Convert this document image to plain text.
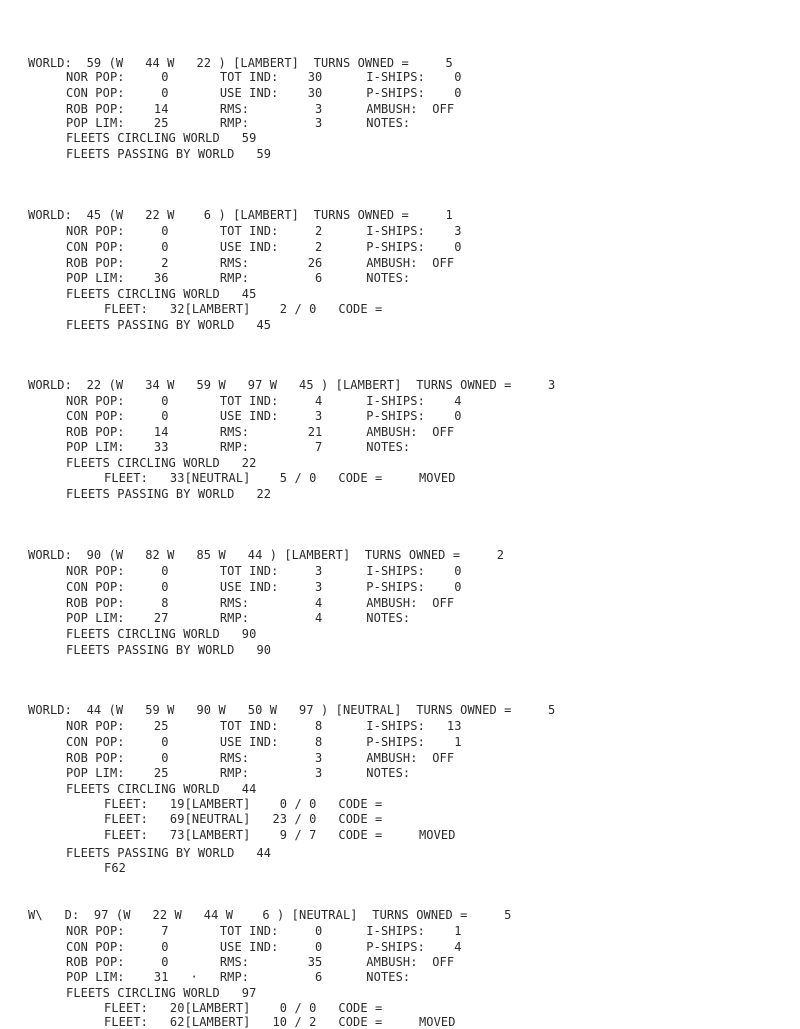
WORLD:  59 (W   44 W   22 ) [LAMBERT]  TURNS OWNED =     5
NOR POP:     0       TOT IND:    30      I-SHIPS:    0
CON POP:     0       USE IND:    30      P-SHIPS:    0
ROB POP:    14       RMS:         3      AMBUSH:  OFF
POP LIM:    25       RMP:         3      NOTES:
FLEETS CIRCLING WORLD   59
FLEETS PASSING BY WORLD   59
WORLD:  45 (W   22 W    6 ) [LAMBERT]  TURNS OWNED =     1
NOR POP:     0       TOT IND:     2      I-SHIPS:    3
CON POP:     0       USE IND:     2      P-SHIPS:    0
ROB POP:     2       RMS:        26      AMBUSH:  OFF
POP LIM:    36       RMP:         6      NOTES:
FLEETS CIRCLING WORLD   45
FLEET:   32[LAMBERT]    2 / 0   CODE =
FLEETS PASSING BY WORLD   45
WORLD:  22 (W   34 W   59 W   97 W   45 ) [LAMBERT]  TURNS OWNED =     3
NOR POP:     0       TOT IND:     4      I-SHIPS:    4
CON POP:     0       USE IND:     3      P-SHIPS:    0
ROB POP:    14       RMS:        21      AMBUSH:  OFF
POP LIM:    33       RMP:         7      NOTES:
FLEETS CIRCLING WORLD   22
FLEET:   33[NEUTRAL]    5 / 0   CODE =     MOVED
FLEETS PASSING BY WORLD   22
WORLD:  90 (W   82 W   85 W   44 ) [LAMBERT]  TURNS OWNED =     2
NOR POP:     0       TOT IND:     3      I-SHIPS:    0
CON POP:     0       USE IND:     3      P-SHIPS:    0
ROB POP:     8       RMS:         4      AMBUSH:  OFF
POP LIM:    27       RMP:         4      NOTES:
FLEETS CIRCLING WORLD   90
FLEETS PASSING BY WORLD   90
WORLD:  44 (W   59 W   90 W   50 W   97 ) [NEUTRAL]  TURNS OWNED =     5
NOR POP:    25       TOT IND:     8      I-SHIPS:   13
CON POP:     0       USE IND:     8      P-SHIPS:    1
ROB POP:     0       RMS:         3      AMBUSH:  OFF
POP LIM:    25       RMP:         3      NOTES:
FLEETS CIRCLING WORLD   44
FLEET:   19[LAMBERT]    0 / 0   CODE =
FLEET:   69[NEUTRAL]   23 / 0   CODE =
FLEET:   73[LAMBERT]    9 / 7   CODE =     MOVED
FLEETS PASSING BY WORLD   44
F62
W\   D:  97 (W   22 W   44 W    6 ) [NEUTRAL]  TURNS OWNED =     5
NOR POP:     7       TOT IND:     0      I-SHIPS:    1
CON POP:     0       USE IND:     0      P-SHIPS:    4
ROB POP:     0       RMS:        35      AMBUSH:  OFF
POP LIM:    31   ·   RMP:         6      NOTES:
FLEETS CIRCLING WORLD   97
FLEET:   20[LAMBERT]    0 / 0   CODE =
FLEET:   62[LAMBERT]   10 / 2   CODE =     MOVED
